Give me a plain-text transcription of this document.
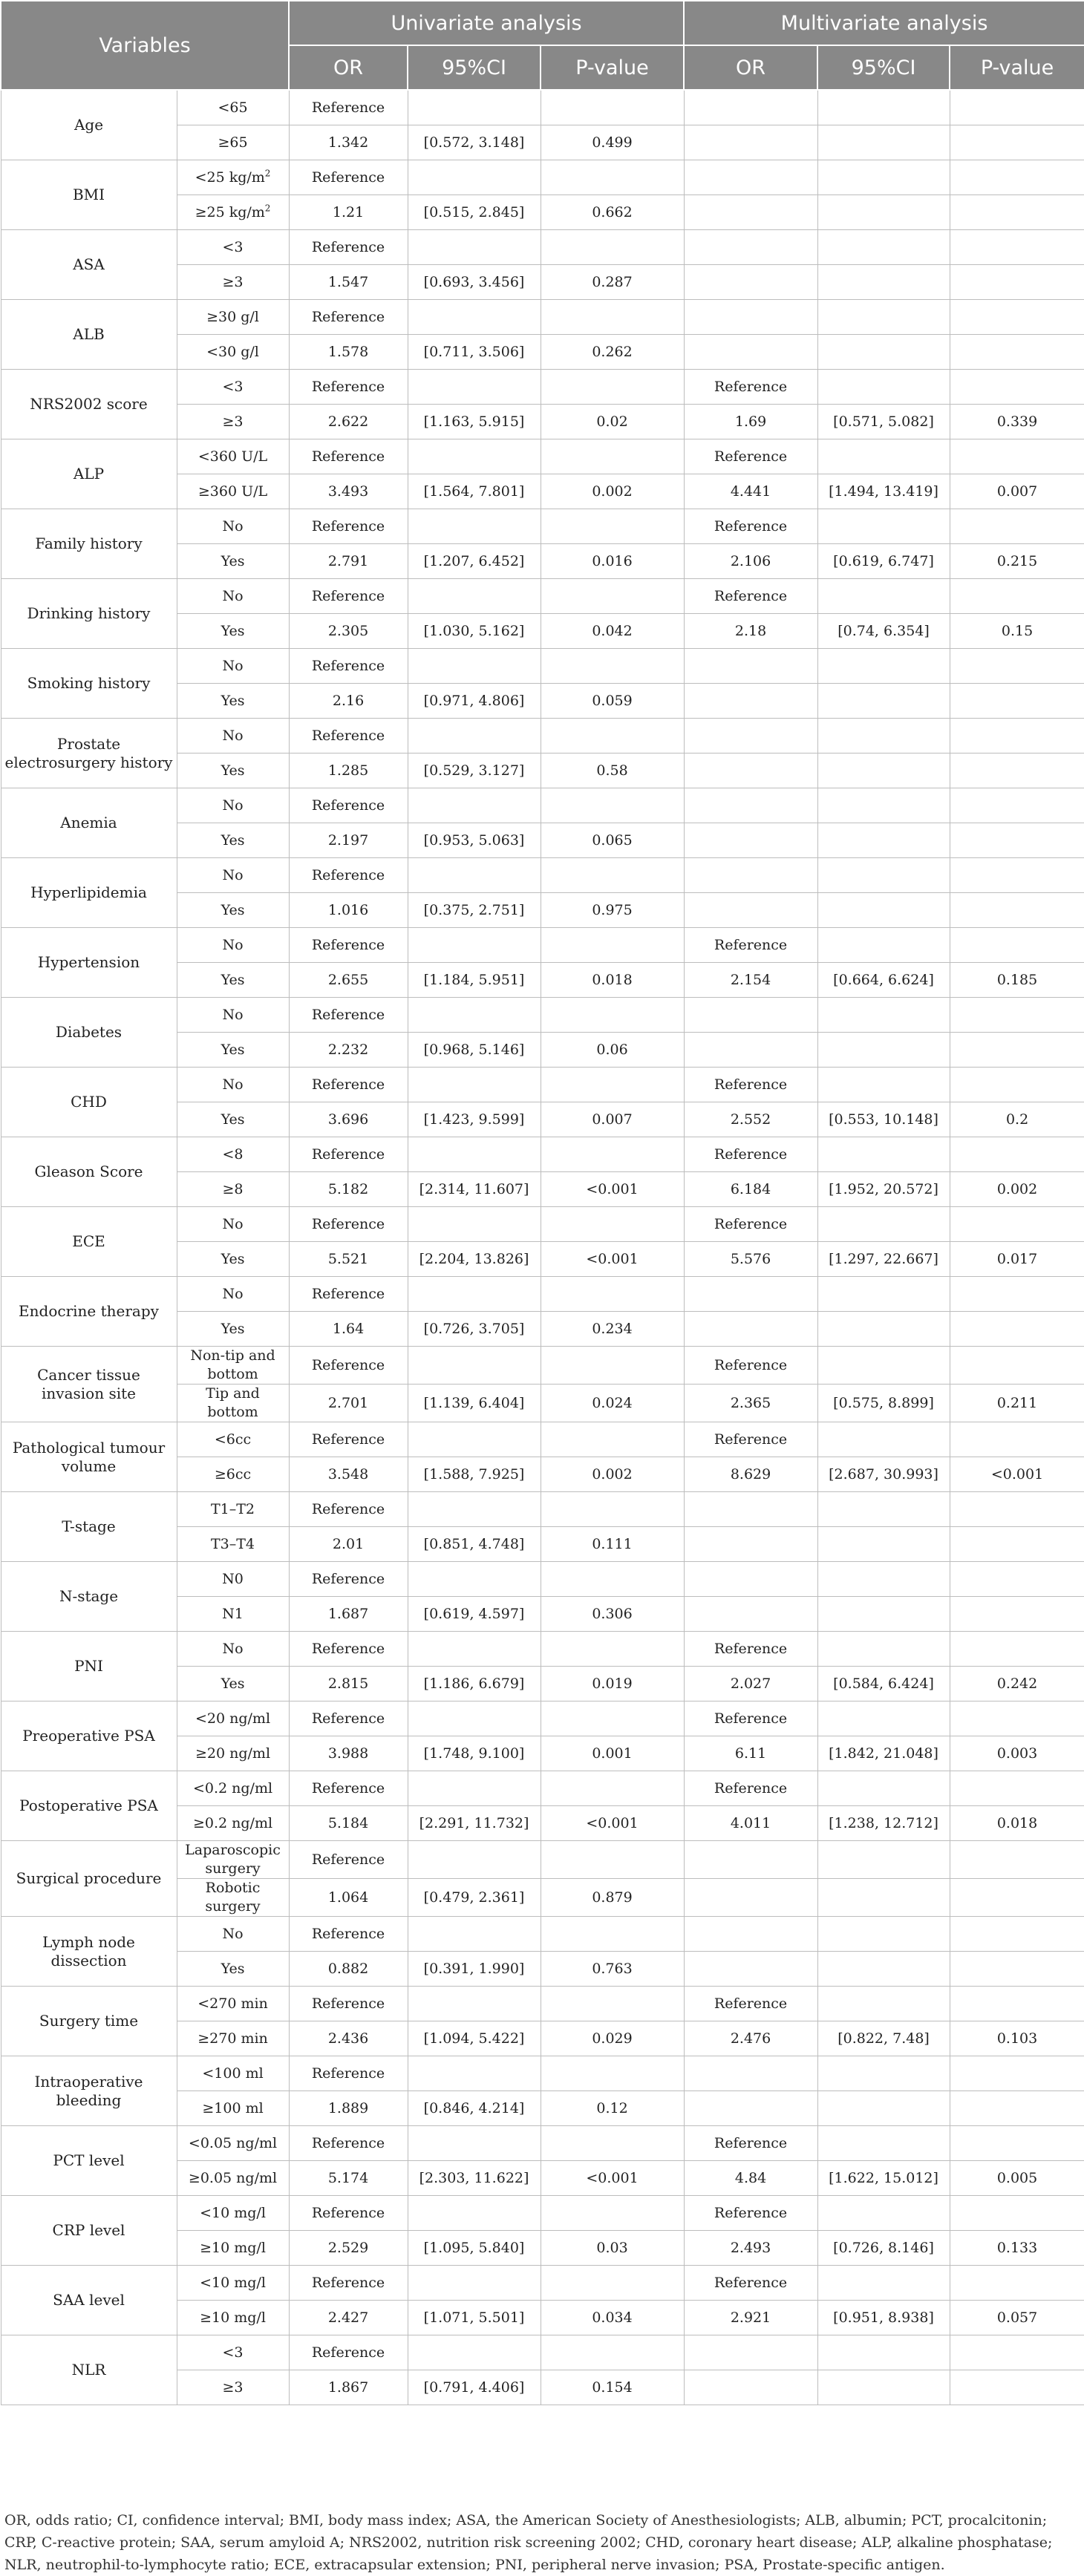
Variables		Univariate analysis			Multivariate analysis		
		OR	95%CI	P-value	OR	95%CI	P-value
Age	<65	Reference					
	≥65	1.342	[0.572, 3.148]	0.499			
BMI	<25 $kg/m^2$	Reference					
	≥25 $kg/m^2$	1.21	[0.515, 2.845]	0.662			
ASA	<3	Reference					
	≥3	1.547	[0.693, 3.456]	0.287			
ALB	≥30 g/l	Reference					
	<30 g/l	1.578	[0.711, 3.506]	0.262			
NRS2002 score	<3	Reference			Reference		
	≥3	2.622	[1.163, 5.915]	0.02	1.69	[0.571, 5.082]	0.339
ALP	<360 U/L	Reference			Reference		
	≥360 U/L	3.493	[1.564, 7.801]	0.002	4.441	[1.494, 13.419]	0.007
Family history	No	Reference			Reference		
	Yes	2.791	[1.207, 6.452]	0.016	2.106	[0.619, 6.747]	0.215
Drinking history	No	Reference			Reference		
	Yes	2.305	[1.030, 5.162]	0.042	2.18	[0.74, 6.354]	0.15
Smoking history	No	Reference					
	Yes	2.16	[0.971, 4.806]	0.059			
Prostate electrosurgery history	No	Reference					
	Yes	1.285	[0.529, 3.127]	0.58			
Anemia	No	Reference					
	Yes	2.197	[0.953, 5.063]	0.065			
Hyperlipidemia	No	Reference					
	Yes	1.016	[0.375, 2.751]	0.975			
Hypertension	No	Reference			Reference		
	Yes	2.655	[1.184, 5.951]	0.018	2.154	[0.664, 6.624]	0.185
Diabetes	No	Reference					
	Yes	2.232	[0.968, 5.146]	0.06			
CHD	No	Reference			Reference		
	Yes	3.696	[1.423, 9.599]	0.007	2.552	[0.553, 10.148]	0.2
Gleason Score	<8	Reference			Reference		
	≥8	5.182	[2.314, 11.607]	<0.001	6.184	[1.952, 20.572]	0.002
ECE	No	Reference			Reference		
	Yes	5.521	[2.204, 13.826]	<0.001	5.576	[1.297, 22.667]	0.017
Endocrine therapy	No	Reference					
	Yes	1.64	[0.726, 3.705]	0.234			
Cancer tissue invasion site	Non-tip and bottom	Reference			Reference		
	Tip and bottom	2.701	[1.139, 6.404]	0.024	2.365	[0.575, 8.899]	0.211
Pathological tumour volume	<6cc	Reference			Reference		
	≥6cc	3.548	[1.588, 7.925]	0.002	8.629	[2.687, 30.993]	<0.001
T-stage	T1–T2	Reference					
	T3–T4	2.01	[0.851, 4.748]	0.111			
N-stage	N0	Reference					
	N1	1.687	[0.619, 4.597]	0.306			
PNI	No	Reference			Reference		
	Yes	2.815	[1.186, 6.679]	0.019	2.027	[0.584, 6.424]	0.242
Preoperative PSA	<20 ng/ml	Reference			Reference		
	≥20 ng/ml	3.988	[1.748, 9.100]	0.001	6.11	[1.842, 21.048]	0.003
Postoperative PSA	<0.2 ng/ml	Reference			Reference		
	≥0.2 ng/ml	5.184	[2.291, 11.732]	<0.001	4.011	[1.238, 12.712]	0.018
Surgical procedure	Laparoscopic surgery	Reference					
	Robotic surgery	1.064	[0.479, 2.361]	0.879			
Lymph node dissection	No	Reference					
	Yes	0.882	[0.391, 1.990]	0.763			
Surgery time	<270 min	Reference			Reference		
	≥270 min	2.436	[1.094, 5.422]	0.029	2.476	[0.822, 7.48]	0.103
Intraoperative bleeding	<100 ml	Reference					
	≥100 ml	1.889	[0.846, 4.214]	0.12			
PCT level	<0.05 ng/ml	Reference			Reference		
	≥0.05 ng/ml	5.174	[2.303, 11.622]	<0.001	4.84	[1.622, 15.012]	0.005
CRP level	<10 mg/l	Reference			Reference		
	≥10 mg/l	2.529	[1.095, 5.840]	0.03	2.493	[0.726, 8.146]	0.133
SAA level	<10 mg/l	Reference			Reference		
	≥10 mg/l	2.427	[1.071, 5.501]	0.034	2.921	[0.951, 8.938]	0.057
NLR	<3	Reference					
	≥3	1.867	[0.791, 4.406]	0.154			
OR, odds ratio; CI, confidence interval; BMI, body mass index; ASA, the American Society of Anesthesiologists; ALB, albumin; PCT, procalcitonin; CRP, C-reactive protein; SAA, serum amyloid A; NRS2002, nutrition risk screening 2002; CHD, coronary heart disease; ALP, alkaline phosphatase; NLR, neutrophil-to-lymphocyte ratio; ECE, extracapsular extension; PNI, peripheral nerve invasion; PSA, Prostate-specific antigen.
